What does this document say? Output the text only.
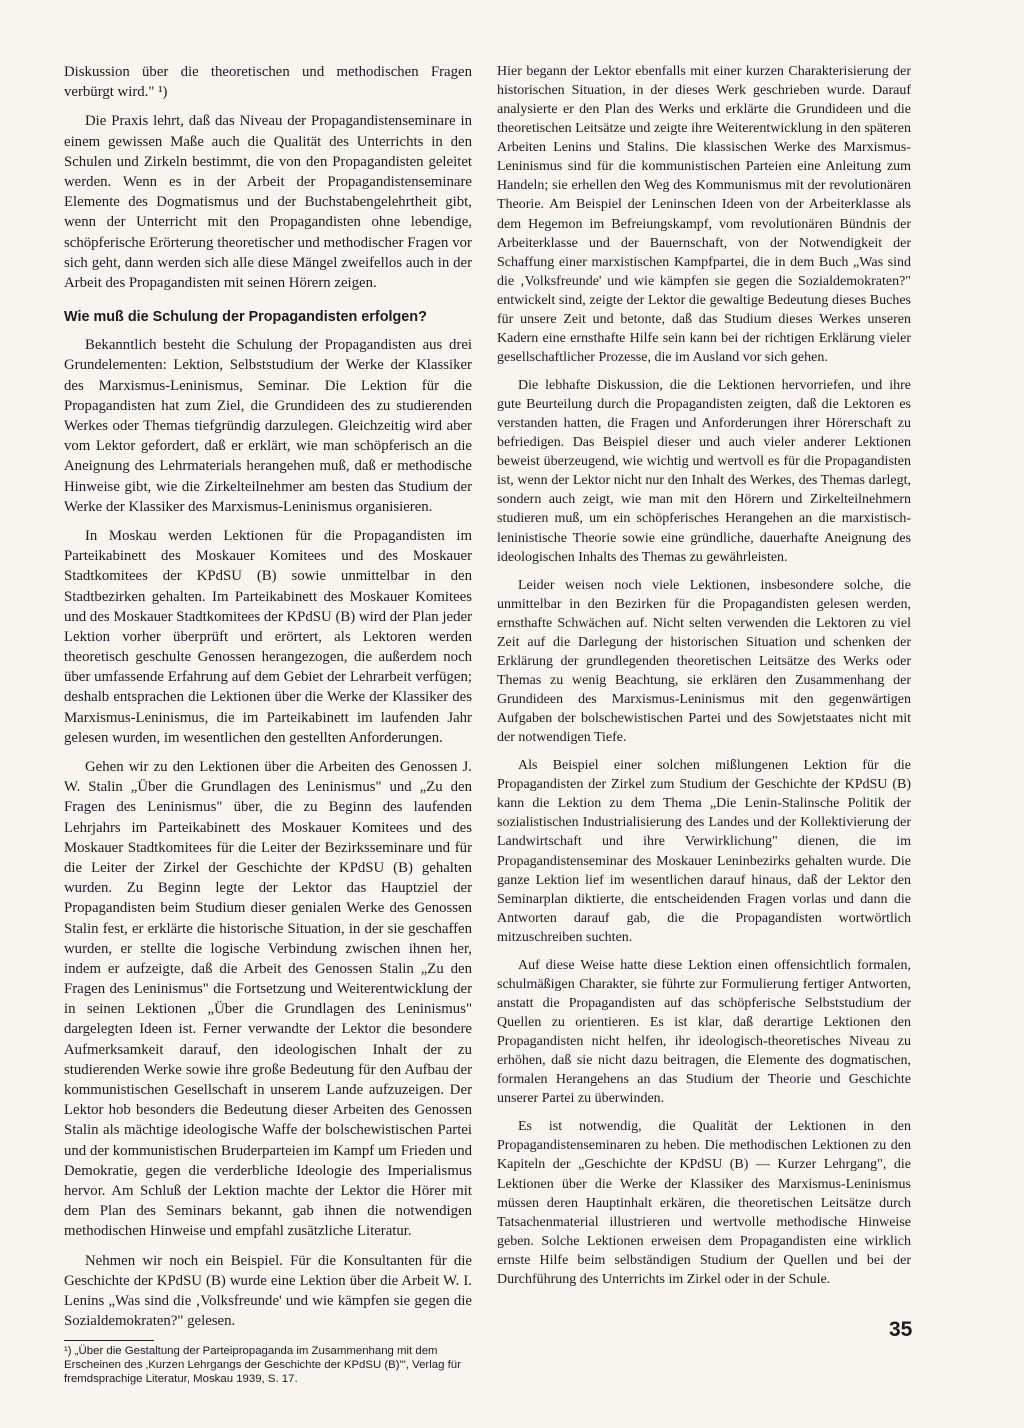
Diskussion über die theoretischen und methodischen Fragen verbürgt wird." ¹)

Die Praxis lehrt, daß das Niveau der Propagandistenseminare in einem gewissen Maße auch die Qualität des Unterrichts in den Schulen und Zirkeln bestimmt, die von den Propagandisten geleitet werden. Wenn es in der Arbeit der Propagandistenseminare Elemente des Dogmatismus und der Buchstabengelehrtheit gibt, wenn der Unterricht mit den Propagandisten ohne lebendige, schöpferische Erörterung theoretischer und methodischer Fragen vor sich geht, dann werden sich alle diese Mängel zweifellos auch in der Arbeit des Propagandisten mit seinen Hörern zeigen.

Wie muß die Schulung der Propagandisten erfolgen?

Bekanntlich besteht die Schulung der Propagandisten aus drei Grundelementen: Lektion, Selbststudium der Werke der Klassiker des Marxismus-Leninismus, Seminar. Die Lektion für die Propagandisten hat zum Ziel, die Grundideen des zu studierenden Werkes oder Themas tiefgründig darzulegen. Gleichzeitig wird aber vom Lektor gefordert, daß er erklärt, wie man schöpferisch an die Aneignung des Lehrmaterials herangehen muß, daß er methodische Hinweise gibt, wie die Zirkelteilnehmer am besten das Studium der Werke der Klassiker des Marxismus-Leninismus organisieren.

In Moskau werden Lektionen für die Propagandisten im Parteikabinett des Moskauer Komitees und des Moskauer Stadtkomitees der KPdSU (B) sowie unmittelbar in den Stadtbezirken gehalten. Im Parteikabinett des Moskauer Komitees und des Moskauer Stadtkomitees der KPdSU (B) wird der Plan jeder Lektion vorher überprüft und erörtert, als Lektoren werden theoretisch geschulte Genossen herangezogen, die außerdem noch über umfassende Erfahrung auf dem Gebiet der Lehrarbeit verfügen; deshalb entsprachen die Lektionen über die Werke der Klassiker des Marxismus-Leninismus, die im Parteikabinett im laufenden Jahr gelesen wurden, im wesentlichen den gestellten Anforderungen.

Gehen wir zu den Lektionen über die Arbeiten des Genossen J. W. Stalin „Über die Grundlagen des Leninismus" und „Zu den Fragen des Leninismus" über, die zu Beginn des laufenden Lehrjahrs im Parteikabinett des Moskauer Komitees und des Moskauer Stadtkomitees für die Leiter der Bezirksseminare und für die Leiter der Zirkel der Geschichte der KPdSU (B) gehalten wurden. Zu Beginn legte der Lektor das Hauptziel der Propagandisten beim Studium dieser genialen Werke des Genossen Stalin fest, er erklärte die historische Situation, in der sie geschaffen wurden, er stellte die logische Verbindung zwischen ihnen her, indem er aufzeigte, daß die Arbeit des Genossen Stalin „Zu den Fragen des Leninismus" die Fortsetzung und Weiterentwicklung der in seinen Lektionen „Über die Grundlagen des Leninismus" dargelegten Ideen ist. Ferner verwandte der Lektor die besondere Aufmerksamkeit darauf, den ideologischen Inhalt der zu studierenden Werke sowie ihre große Bedeutung für den Aufbau der kommunistischen Gesellschaft in unserem Lande aufzuzeigen. Der Lektor hob besonders die Bedeutung dieser Arbeiten des Genossen Stalin als mächtige ideologische Waffe der bolschewistischen Partei und der kommunistischen Bruderparteien im Kampf um Frieden und Demokratie, gegen die verderbliche Ideologie des Imperialismus hervor. Am Schluß der Lektion machte der Lektor die Hörer mit dem Plan des Seminars bekannt, gab ihnen die notwendigen methodischen Hinweise und empfahl zusätzliche Literatur.

Nehmen wir noch ein Beispiel. Für die Konsultanten für die Geschichte der KPdSU (B) wurde eine Lektion über die Arbeit W. I. Lenins „Was sind die ‚Volksfreunde' und wie kämpfen sie gegen die Sozialdemokraten?" gelesen.

¹) „Über die Gestaltung der Parteipropaganda im Zusammenhang mit dem Erscheinen des ‚Kurzen Lehrgangs der Geschichte der KPdSU (B)'", Verlag für fremdsprachige Literatur, Moskau 1939, S. 17.

Hier begann der Lektor ebenfalls mit einer kurzen Charakterisierung der historischen Situation, in der dieses Werk geschrieben wurde. Darauf analysierte er den Plan des Werks und erklärte die Grundideen und die theoretischen Leitsätze und zeigte ihre Weiterentwicklung in den späteren Arbeiten Lenins und Stalins. Die klassischen Werke des Marxismus-Leninismus sind für die kommunistischen Parteien eine Anleitung zum Handeln; sie erhellen den Weg des Kommunismus mit der revolutionären Theorie. Am Beispiel der Leninschen Ideen von der Arbeiterklasse als dem Hegemon im Befreiungskampf, vom revolutionären Bündnis der Arbeiterklasse und der Bauernschaft, von der Notwendigkeit der Schaffung einer marxistischen Kampfpartei, die in dem Buch „Was sind die ‚Volksfreunde' und wie kämpfen sie gegen die Sozialdemokraten?" entwickelt sind, zeigte der Lektor die gewaltige Bedeutung dieses Buches für unsere Zeit und betonte, daß das Studium dieses Werkes unseren Kadern eine ernsthafte Hilfe sein kann bei der richtigen Erklärung vieler gesellschaftlicher Prozesse, die im Ausland vor sich gehen.

Die lebhafte Diskussion, die die Lektionen hervorriefen, und ihre gute Beurteilung durch die Propagandisten zeigten, daß die Lektoren es verstanden hatten, die Fragen und Anforderungen ihrer Hörerschaft zu befriedigen. Das Beispiel dieser und auch vieler anderer Lektionen beweist überzeugend, wie wichtig und wertvoll es für die Propagandisten ist, wenn der Lektor nicht nur den Inhalt des Werkes, des Themas darlegt, sondern auch zeigt, wie man mit den Hörern und Zirkelteilnehmern studieren muß, um ein schöpferisches Herangehen an die marxistisch-leninistische Theorie sowie eine gründliche, dauerhafte Aneignung des ideologischen Inhalts des Themas zu gewährleisten.

Leider weisen noch viele Lektionen, insbesondere solche, die unmittelbar in den Bezirken für die Propagandisten gelesen werden, ernsthafte Schwächen auf. Nicht selten verwenden die Lektoren zu viel Zeit auf die Darlegung der historischen Situation und schenken der Erklärung der grundlegenden theoretischen Leitsätze des Werks oder Themas zu wenig Beachtung, sie erklären den Zusammenhang der Grundideen des Marxismus-Leninismus mit den gegenwärtigen Aufgaben der bolschewistischen Partei und des Sowjetstaates nicht mit der notwendigen Tiefe.

Als Beispiel einer solchen mißlungenen Lektion für die Propagandisten der Zirkel zum Studium der Geschichte der KPdSU (B) kann die Lektion zu dem Thema „Die Lenin-Stalinsche Politik der sozialistischen Industrialisierung des Landes und der Kollektivierung der Landwirtschaft und ihre Verwirklichung" dienen, die im Propagandistenseminar des Moskauer Leninbezirks gehalten wurde. Die ganze Lektion lief im wesentlichen darauf hinaus, daß der Lektor den Seminarplan diktierte, die entscheidenden Fragen vorlas und dann die Antworten darauf gab, die die Propagandisten wortwörtlich mitzuschreiben suchten.

Auf diese Weise hatte diese Lektion einen offensichtlich formalen, schulmäßigen Charakter, sie führte zur Formulierung fertiger Antworten, anstatt die Propagandisten auf das schöpferische Selbststudium der Quellen zu orientieren. Es ist klar, daß derartige Lektionen den Propagandisten nicht helfen, ihr ideologisch-theoretisches Niveau zu erhöhen, daß sie nicht dazu beitragen, die Elemente des dogmatischen, formalen Herangehens an das Studium der Theorie und Geschichte unserer Partei zu überwinden.

Es ist notwendig, die Qualität der Lektionen in den Propagandistenseminaren zu heben. Die methodischen Lektionen zu den Kapiteln der „Geschichte der KPdSU (B) — Kurzer Lehrgang", die Lektionen über die Werke der Klassiker des Marxismus-Leninismus müssen deren Hauptinhalt erkären, die theoretischen Leitsätze durch Tatsachenmaterial illustrieren und wertvolle methodische Hinweise geben. Solche Lektionen erweisen dem Propagandisten eine wirklich ernste Hilfe beim selbständigen Studium der Quellen und bei der Durchführung des Unterrichts im Zirkel oder in der Schule.

35
